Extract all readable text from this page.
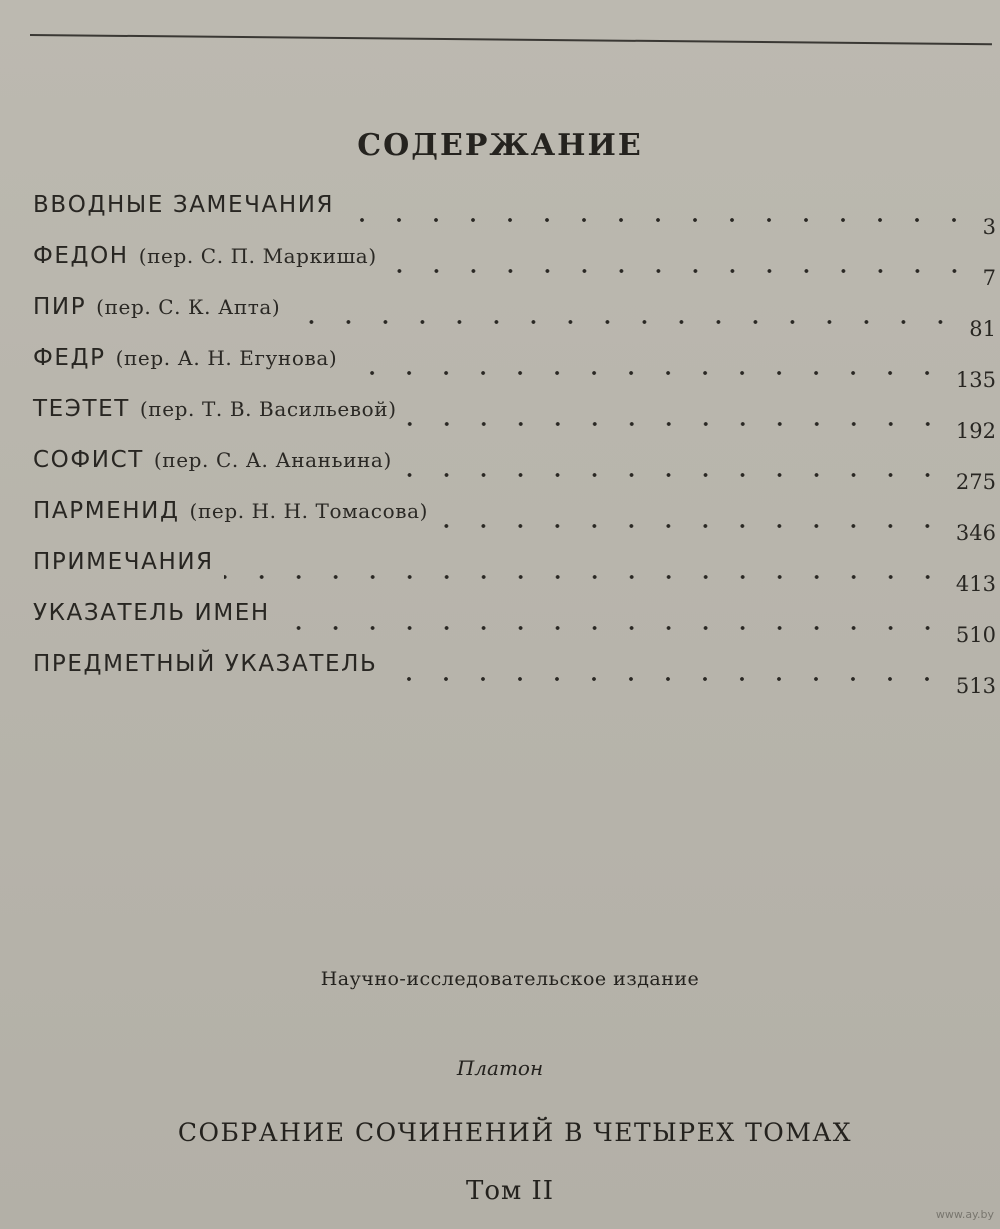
СОДЕРЖАНИЕ
ВВОДНЫЕ ЗАМЕЧАНИЯ
3
ФЕДОН (пер. С. П. Маркиша)
7
ПИР (пер. С. К. Апта)
81
ФЕДР (пер. А. Н. Егунова)
135
ТЕЭТЕТ (пер. Т. В. Васильевой)
192
СОФИСТ (пер. С. А. Ананьина)
275
ПАРМЕНИД (пер. Н. Н. Томасова)
346
ПРИМЕЧАНИЯ
413
УКАЗАТЕЛЬ ИМЕН
510
ПРЕДМЕТНЫЙ УКАЗАТЕЛЬ
513
Научно-исследовательское издание
Платон
СОБРАНИЕ СОЧИНЕНИЙ В ЧЕТЫРЕХ ТОМАХ
Том II
www.ay.by
